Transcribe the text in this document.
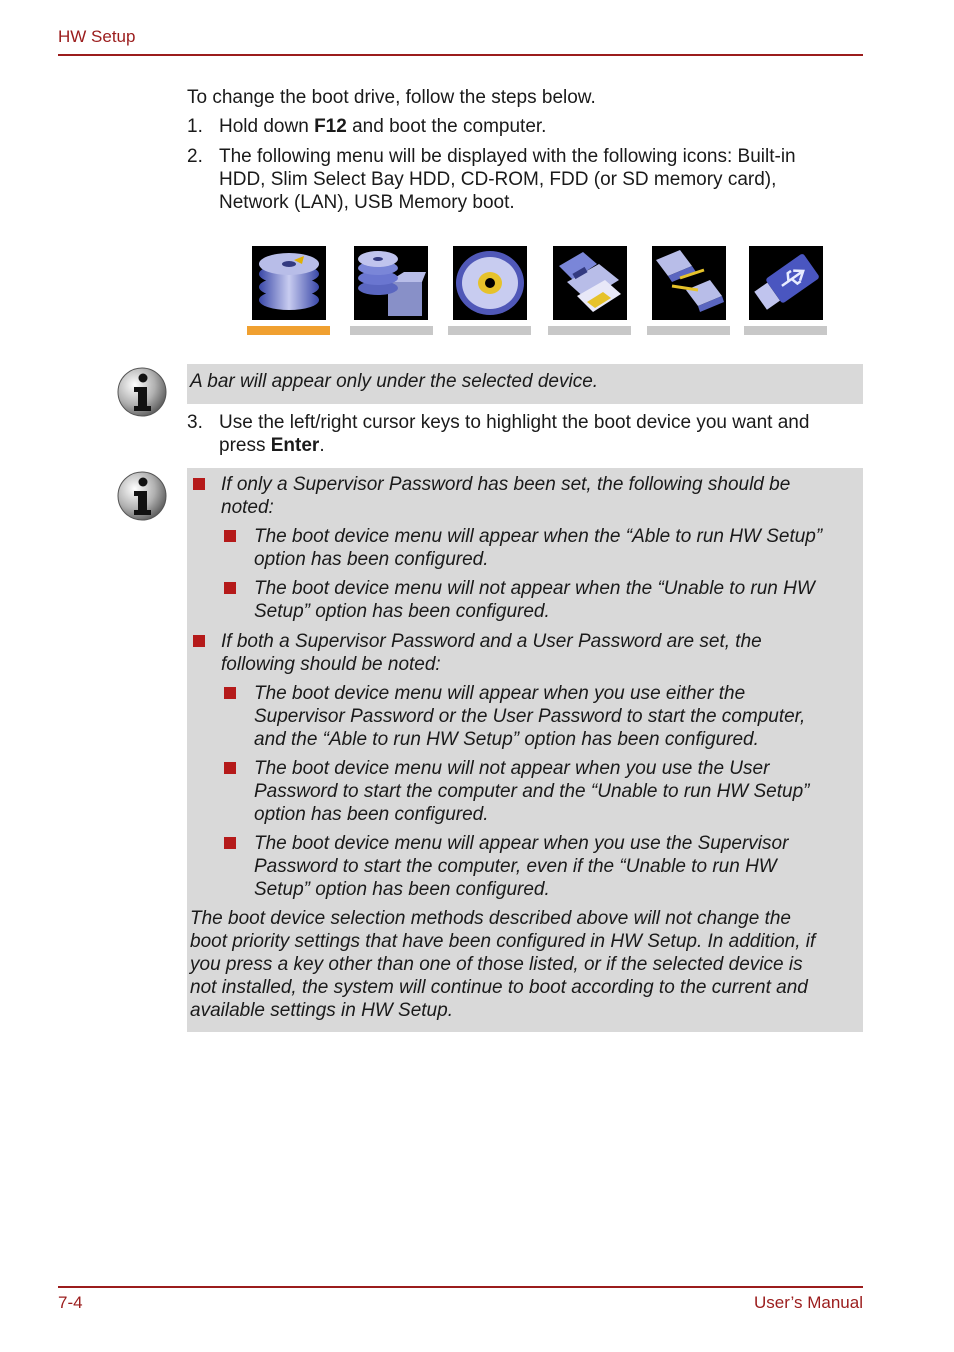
HW Setup
To change the boot drive, follow the steps below.
1. Hold down F12 and boot the computer.
2. The following menu will be displayed with the following icons: Built-in
HDD, Slim Select Bay HDD, CD-ROM, FDD (or SD memory card),
Network (LAN), USB Memory boot.
A bar will appear only under the selected device.
3. Use the left/right cursor keys to highlight the boot device you want and
press Enter.
If only a Supervisor Password has been set, the following should be
noted:
The boot device menu will appear when the “Able to run HW Setup”
option has been configured.
The boot device menu will not appear when the “Unable to run HW
Setup” option has been configured.
If both a Supervisor Password and a User Password are set, the
following should be noted:
The boot device menu will appear when you use either the
Supervisor Password or the User Password to start the computer,
and the “Able to run HW Setup” option has been configured.
The boot device menu will not appear when you use the User
Password to start the computer and the “Unable to run HW Setup”
option has been configured.
The boot device menu will appear when you use the Supervisor
Password to start the computer, even if the “Unable to run HW
Setup” option has been configured.
The boot device selection methods described above will not change the
boot priority settings that have been configured in HW Setup. In addition, if
you press a key other than one of those listed, or if the selected device is
not installed, the system will continue to boot according to the current and
available settings in HW Setup.
7-4	User’s Manual
